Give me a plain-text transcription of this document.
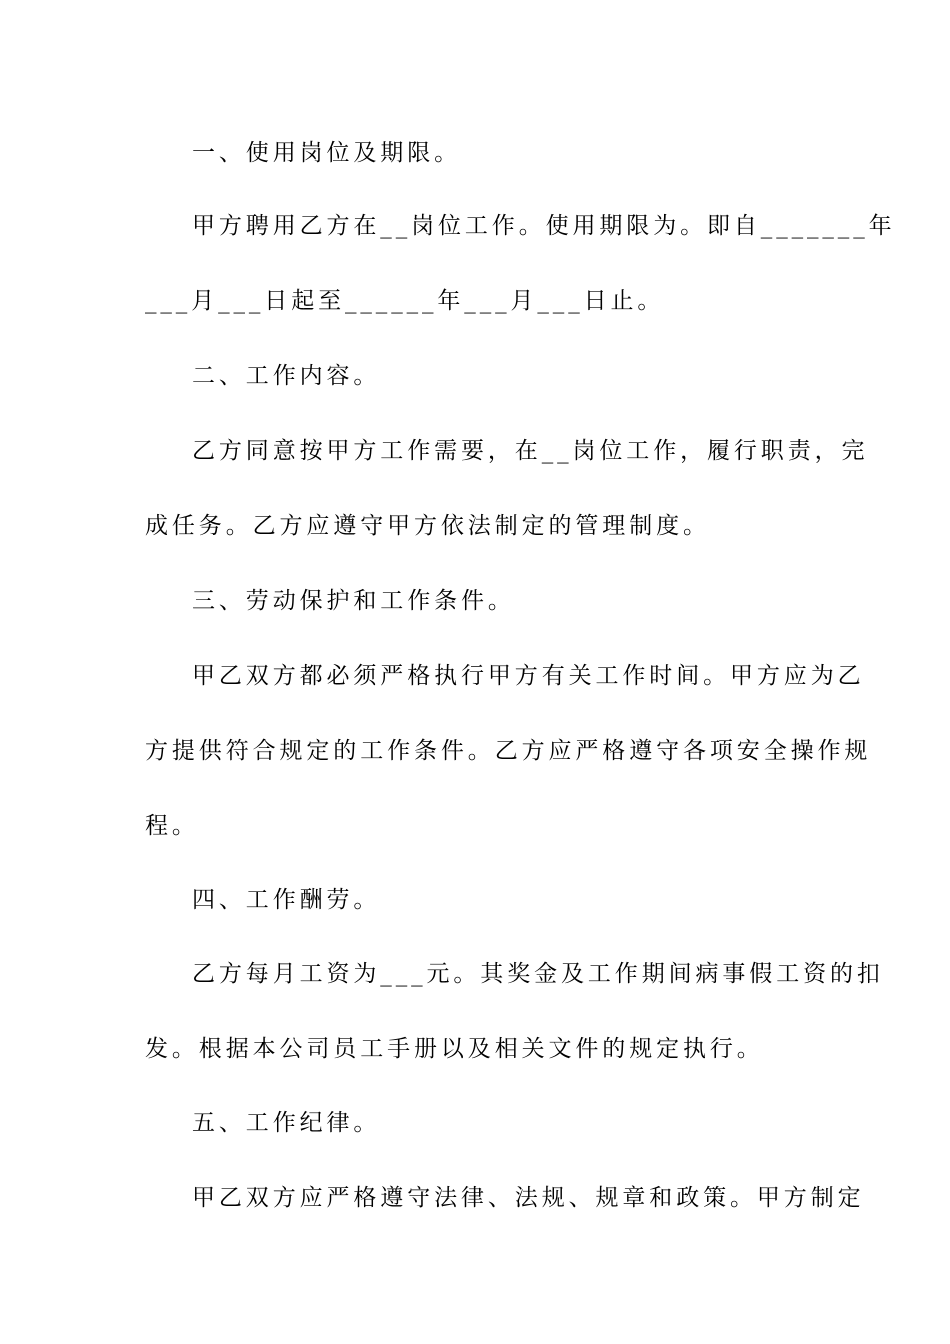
一、使用岗位及期限。

甲方聘用乙方在__岗位工作。使用期限为。即自_______年

___月___日起至______年___月___日止。

二、工作内容。

乙方同意按甲方工作需要，在__岗位工作，履行职责，完

成任务。乙方应遵守甲方依法制定的管理制度。

三、劳动保护和工作条件。

甲乙双方都必须严格执行甲方有关工作时间。甲方应为乙

方提供符合规定的工作条件。乙方应严格遵守各项安全操作规

程。

四、工作酬劳。

乙方每月工资为___元。其奖金及工作期间病事假工资的扣

发。根据本公司员工手册以及相关文件的规定执行。

五、工作纪律。

甲乙双方应严格遵守法律、法规、规章和政策。甲方制定
